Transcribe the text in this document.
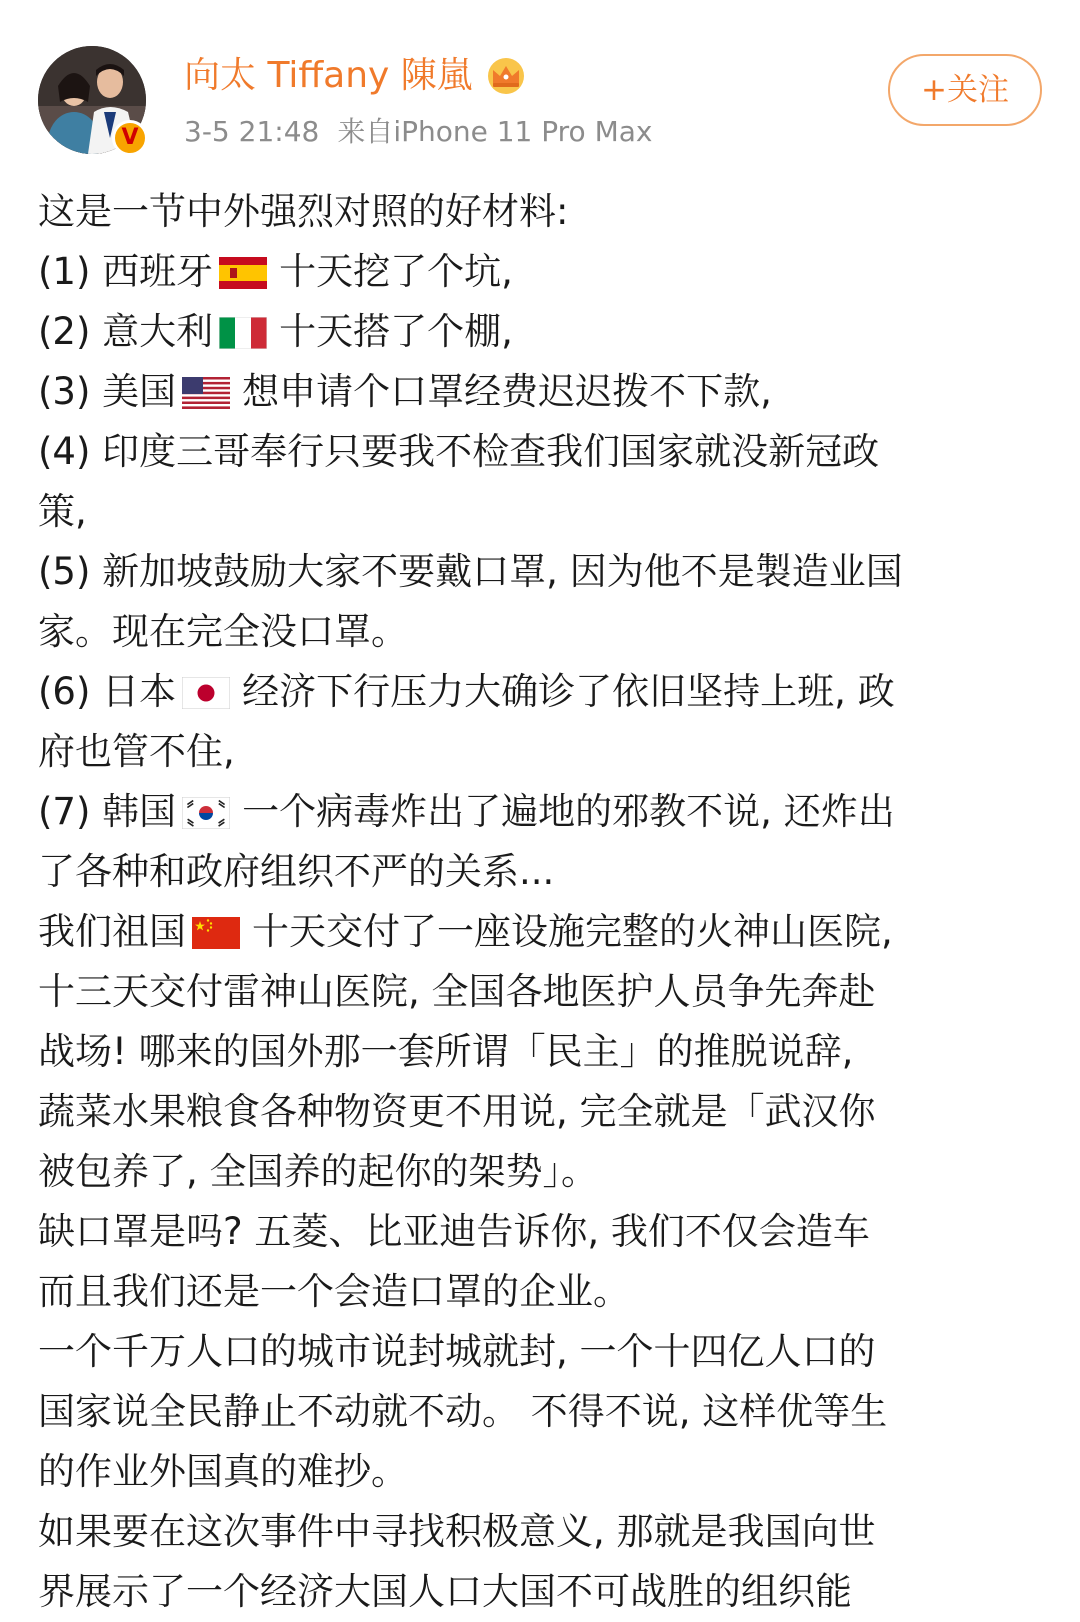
V
向太 Tiffany 陳嵐
3-5 21:48 来自iPhone 11 Pro Max
+关注
这是一节中外强烈对照的好材料:
(1) 西班牙 十天挖了个坑,
(2) 意大利 十天搭了个棚,
(3) 美国 想申请个口罩经费迟迟拨不下款,
(4) 印度三哥奉行只要我不检查我们国家就没新冠政
策,
(5) 新加坡鼓励大家不要戴口罩, 因为他不是製造业国
家。现在完全没口罩。
(6) 日本 经济下行压力大确诊了依旧坚持上班, 政
府也管不住,
(7) 韩国 一个病毒炸出了遍地的邪教不说, 还炸出
了各种和政府组织不严的关系...
我们祖国 十天交付了一座设施完整的火神山医院,
十三天交付雷神山医院, 全国各地医护人员争先奔赴
战场! 哪来的国外那一套所谓「民主」的推脱说辞,
蔬菜水果粮食各种物资更不用说, 完全就是「武汉你
被包养了, 全国养的起你的架势」。
缺口罩是吗? 五菱、比亚迪告诉你, 我们不仅会造车
而且我们还是一个会造口罩的企业。
一个千万人口的城市说封城就封, 一个十四亿人口的
国家说全民静止不动就不动。 不得不说, 这样优等生
的作业外国真的难抄。
如果要在这次事件中寻找积极意义, 那就是我国向世
界展示了一个经济大国人口大国不可战胜的组织能
